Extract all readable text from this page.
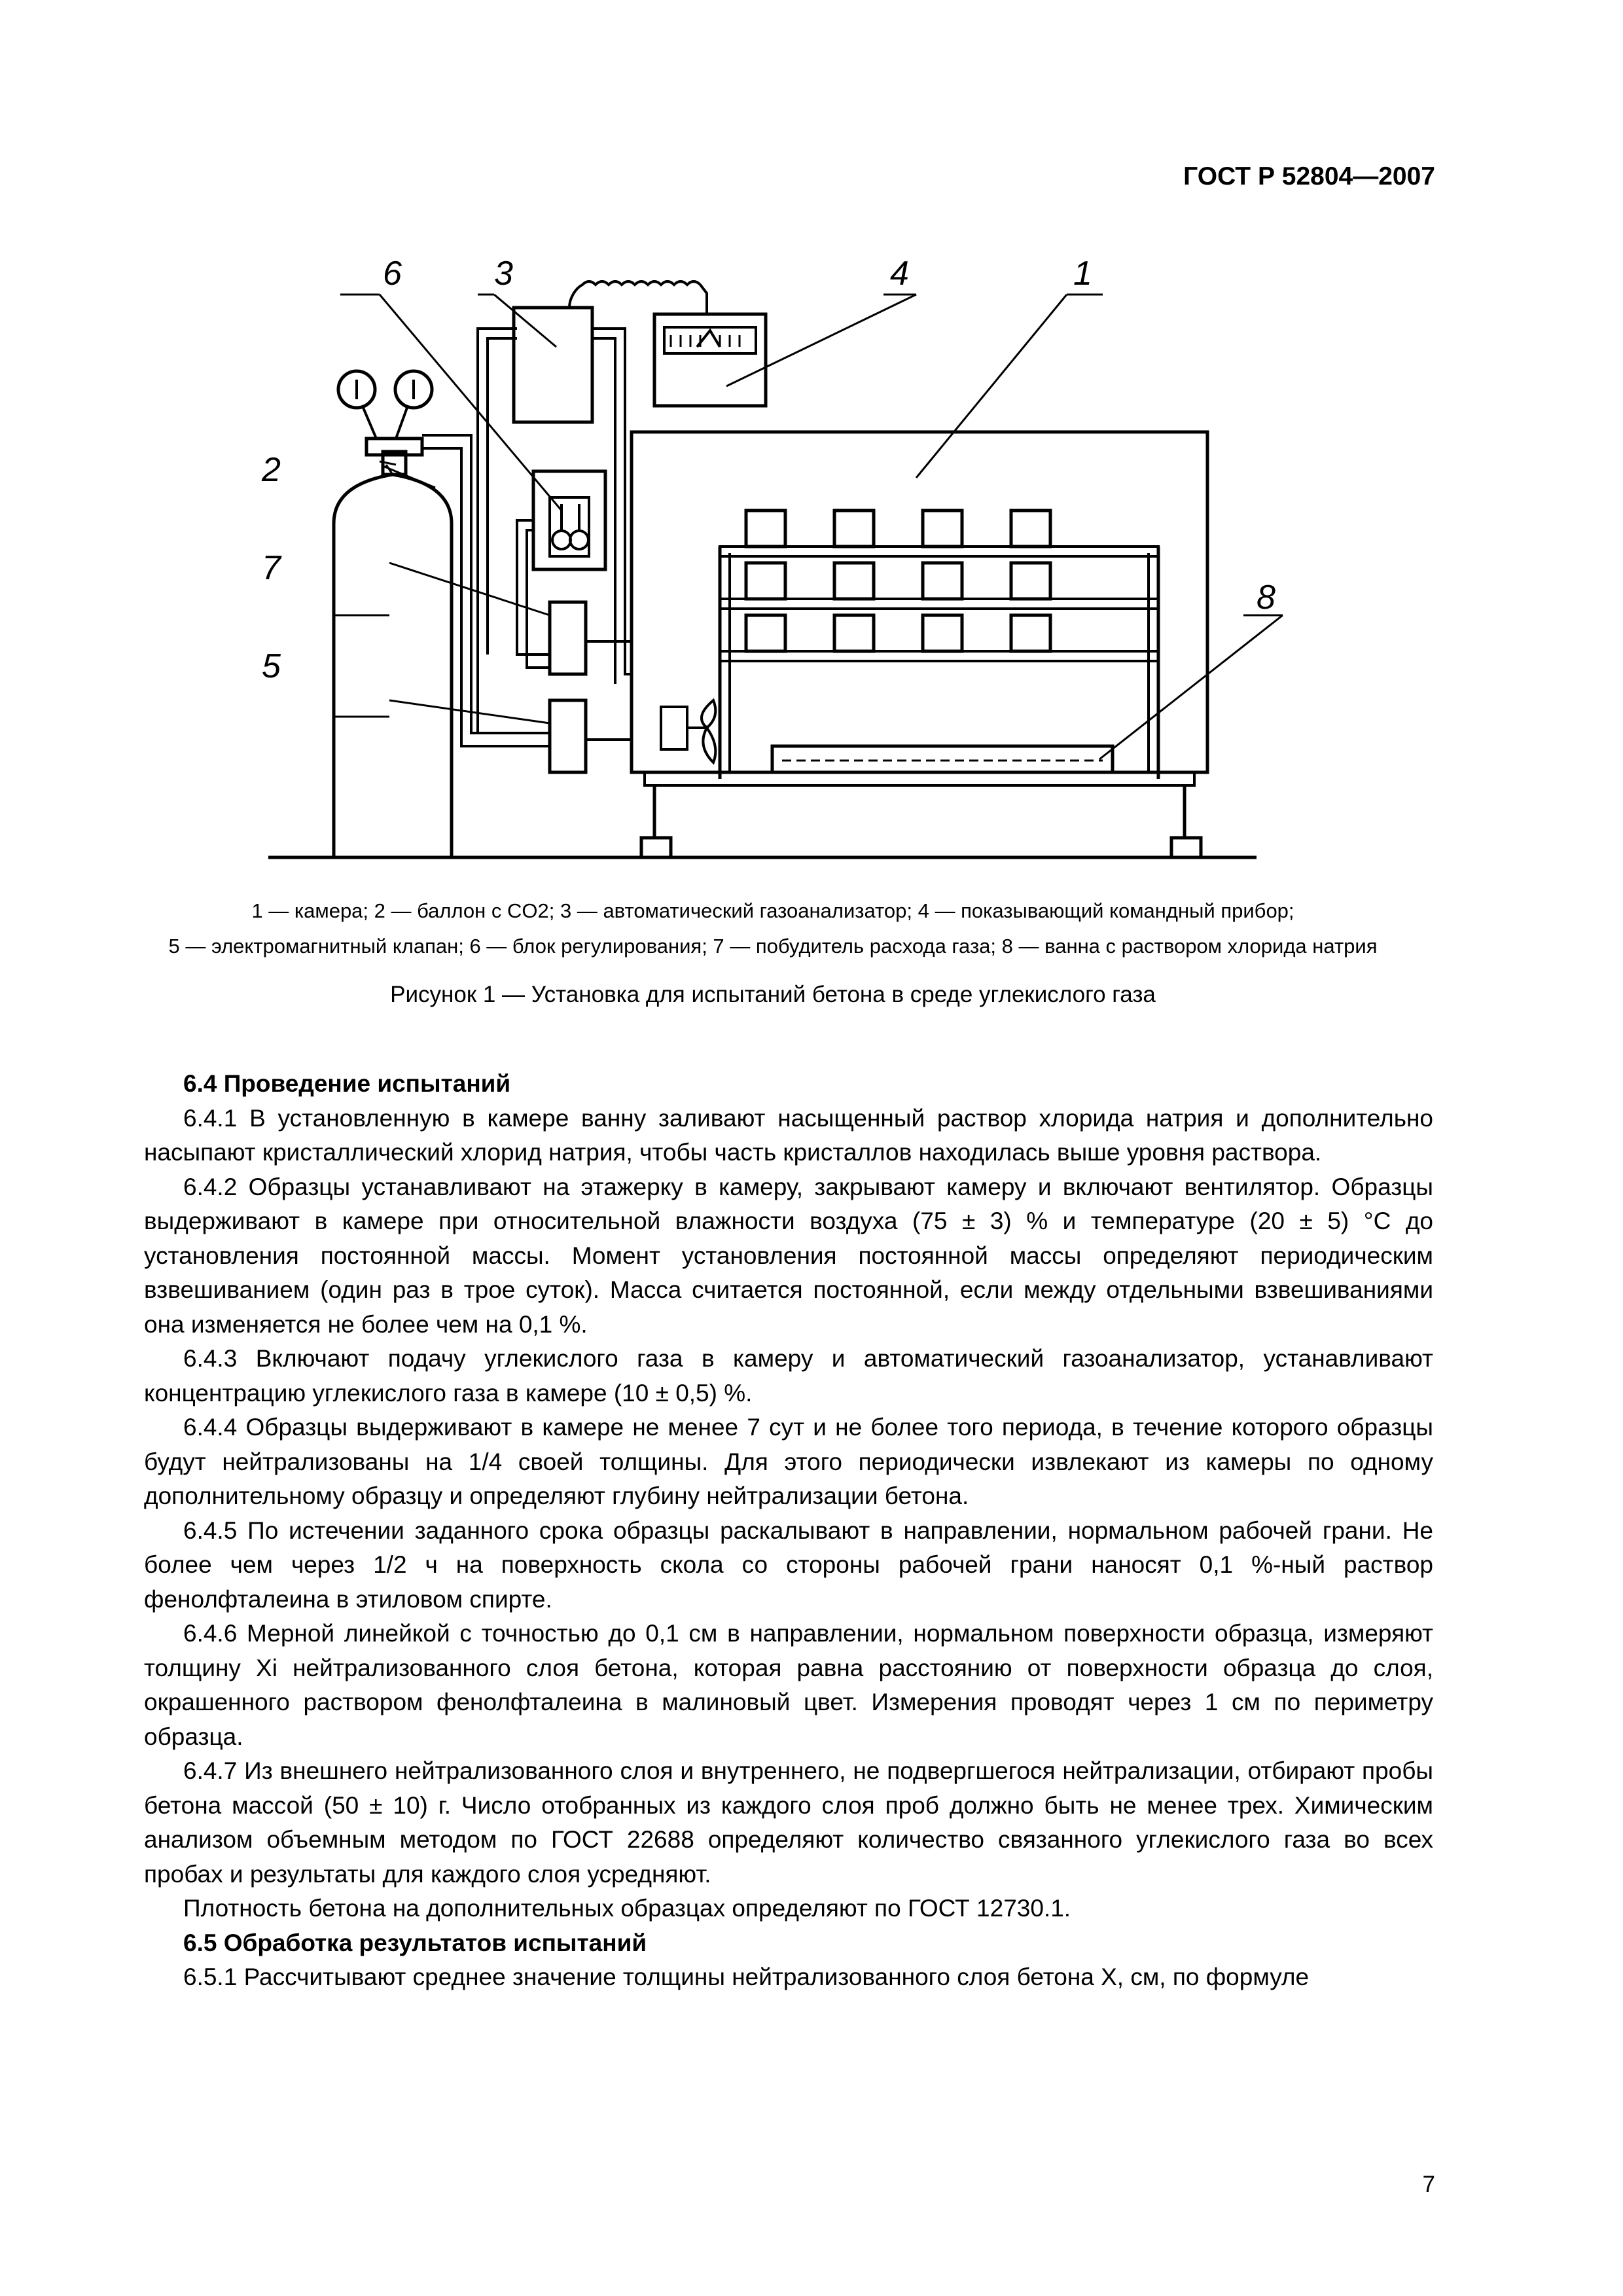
ГОСТ Р 52804—2007
6	3	4	1
2
7
5
8
1 — камера; 2 — баллон с CO2; 3 — автоматический газоанализатор; 4 — показывающий командный прибор;
5 — электромагнитный клапан; 6 — блок регулирования; 7 — побудитель расхода газа; 8 — ванна с раствором хлорида натрия
Рисунок 1 — Установка для испытаний бетона в среде углекислого газа

6.4 Проведение испытаний

6.4.1 В установленную в камере ванну заливают насыщенный раствор хлорида натрия и дополнительно насыпают кристаллический хлорид натрия, чтобы часть кристаллов находилась выше уровня раствора.

6.4.2 Образцы устанавливают на этажерку в камеру, закрывают камеру и включают вентилятор. Образцы выдерживают в камере при относительной влажности воздуха (75 ± 3) % и температуре (20 ± 5) °С до установления постоянной массы. Момент установления постоянной массы определяют периодическим взвешиванием (один раз в трое суток). Масса считается постоянной, если между отдельными взвешиваниями она изменяется не более чем на 0,1 %.

6.4.3 Включают подачу углекислого газа в камеру и автоматический газоанализатор, устанавливают концентрацию углекислого газа в камере (10 ± 0,5) %.

6.4.4 Образцы выдерживают в камере не менее 7 сут и не более того периода, в течение которого образцы будут нейтрализованы на 1/4 своей толщины. Для этого периодически извлекают из камеры по одному дополнительному образцу и определяют глубину нейтрализации бетона.

6.4.5 По истечении заданного срока образцы раскалывают в направлении, нормальном рабочей грани. Не более чем через 1/2 ч на поверхность скола со стороны рабочей грани наносят 0,1 %-ный раствор фенолфталеина в этиловом спирте.

6.4.6 Мерной линейкой с точностью до 0,1 см в направлении, нормальном поверхности образца, измеряют толщину Xi нейтрализованного слоя бетона, которая равна расстоянию от поверхности образца до слоя, окрашенного раствором фенолфталеина в малиновый цвет. Измерения проводят через 1 см по периметру образца.

6.4.7 Из внешнего нейтрализованного слоя и внутреннего, не подвергшегося нейтрализации, отбирают пробы бетона массой (50 ± 10) г. Число отобранных из каждого слоя проб должно быть не менее трех. Химическим анализом объемным методом по ГОСТ 22688 определяют количество связанного углекислого газа во всех пробах и результаты для каждого слоя усредняют.

Плотность бетона на дополнительных образцах определяют по ГОСТ 12730.1.

6.5 Обработка результатов испытаний

6.5.1 Рассчитывают среднее значение толщины нейтрализованного слоя бетона X, см, по формуле

7
